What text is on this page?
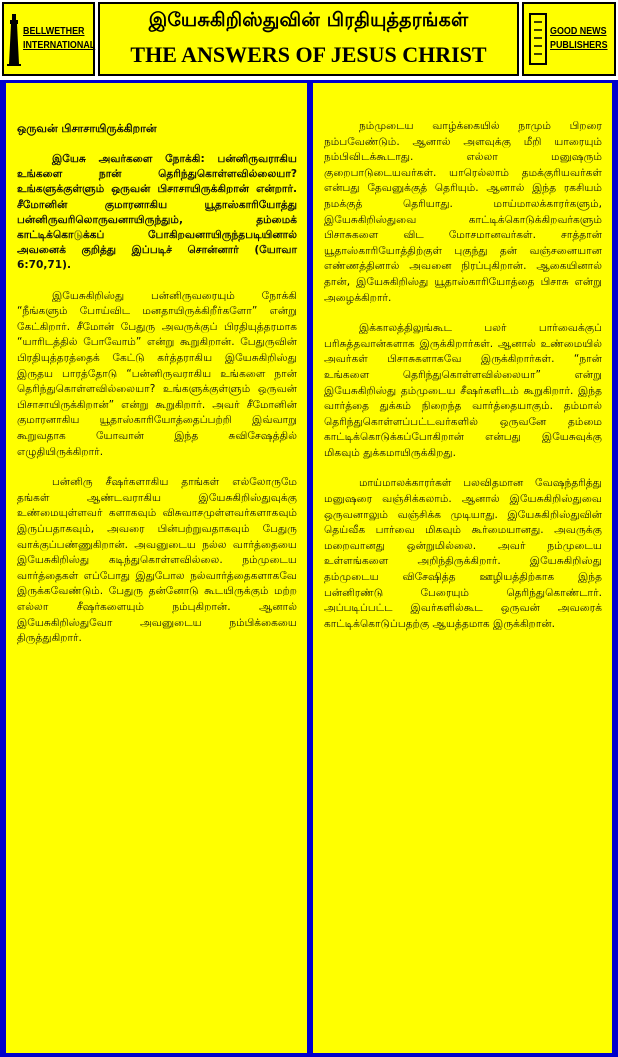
BELLWETHER
INTERNATIONAL
இயேசுகிறிஸ்துவின் பிரதியுத்தரங்கள்
THE ANSWERS OF JESUS CHRIST
GOOD NEWS
PUBLISHERS
ஒருவன் பிசாசாயிருக்கிறான்

இயேசு அவர்களை நோக்கி: பன்னிருவராகிய உங்களை நான் தெரிந்துகொள்ளவில்லையா? உங்களுக்குள்ளும் ஒருவன் பிசாசாயிருக்கிறான் என்றார். சீமோனின் குமாரனாகிய யூதாஸ்காரியோத்து பன்னிருவரிலொருவனாயிருந்தும், தம்மைக் காட்டிக்கொடுக்கப் போகிறவனாயிருந்தபடியினால் அவனைக் குறித்து இப்படிச் சொன்னார் (யோவா 6:70,71).

இயேசுகிறிஸ்து பன்னிருவரையும் நோக்கி “நீங்களும் போய்விட மனதாயிருக்கிறீர்களோ” என்று கேட்கிறார். சீமோன் பேதுரு அவருக்குப் பிரதியுத்தரமாக “யாரிடத்தில் போவோம்” என்று கூறுகிறான். பேதுருவின் பிரதியுத்தரத்தைக் கேட்டு கர்த்தராகிய இயேசுகிறிஸ்து இருதய பாரத்தோடு “பன்னிருவராகிய உங்களை நான் தெரிந்துகொள்ளவில்லையா? உங்களுக்குள்ளும் ஒருவன் பிசாசாயிருக்கிறான்” என்று கூறுகிறார். அவர் சீமோனின் குமாரனாகிய யூதாஸ்காரியோத்தைப்பற்றி இவ்வாறு கூறுவதாக யோவான் இந்த சுவிசேஷத்தில் எழுதியிருக்கிறார்.

பன்னிரு சீஷர்களாகிய தாங்கள் எல்லோருமே தங்கள் ஆண்டவராகிய இயேசுகிறிஸ்துவுக்கு உண்மையுள்ளவர் களாகவும் விசுவாசமுள்ளவர்களாகவும் இருப்பதாகவும், அவரை பின்பற்றுவதாகவும் பேதுரு வாக்குப்பண்ணுகிறான். அவனுடைய நல்ல வார்த்தையை இயேசுகிறிஸ்து கடிந்துகொள்ளவில்லை. நம்முடைய வார்த்தைகள் எப்போது இதுபோல நல்வார்த்தைகளாகவே இருக்கவேண்டும். பேதுரு தன்னோடு கூடயிருக்கும் மற்ற எல்லா சீஷர்களையும் நம்புகிறான். ஆனால் இயேசுகிறிஸ்துவோ அவனுடைய நம்பிக்கையை திருத்துகிறார்.

நம்முடைய வாழ்க்கையில் நாமும் பிறரை நம்பவேண்டும். ஆனால் அளவுக்கு மீறி யாரையும் நம்பிவிடக்கூடாது. எல்லா மனுஷரும் குறைபாடுடையவர்கள். யாரெல்லாம் தமக்குரியவர்கள் என்பது தேவனுக்குத் தெரியும். ஆனால் இந்த ரகசியம் நமக்குத் தெரியாது. மாய்மாலக்காரர்களும், இயேசுகிறிஸ்துவை காட்டிக்கொடுக்கிறவர்களும் பிசாசுகளை விட மோசமானவர்கள். சாத்தான் யூதாஸ்காரியோத்திற்குள் புகுந்து தன் வஞ்சனையான எண்ணத்தினால் அவனை நிரப்புகிறான். ஆகையினால் தான், இயேசுகிறிஸ்து யூதாஸ்காரியோத்தை பிசாசு என்று அழைக்கிறார்.

இக்காலத்திலுங்கூட பலர் பார்வைக்குப் பரிசுத்தவான்களாக இருக்கிறார்கள். ஆனால் உண்மையில் அவர்கள் பிசாசுகளாகவே இருக்கிறார்கள். “நான் உங்களை தெரிந்துகொள்ளவில்லையா” என்று இயேசுகிறிஸ்து தம்முடைய சீஷர்களிடம் கூறுகிறார். இந்த வார்த்தை துக்கம் நிறைந்த வார்த்தையாகும். தம்மால் தெரிந்துகொள்ளப்பட்டவர்களில் ஒருவனே தம்மை காட்டிக்கொடுக்கப்போகிறான் என்பது இயேசுவுக்கு மிகவும் துக்கமாயிருக்கிறது.

மாய்மாலக்காரர்கள் பலவிதமான வேஷந்தரித்து மனுஷரை வஞ்சிக்கலாம். ஆனால் இயேசுகிறிஸ்துவை ஒருவனாலும் வஞ்சிக்க முடியாது. இயேசுகிறிஸ்துவின் தெய்வீக பார்வை மிகவும் கூர்மையானது. அவருக்கு மறைவானது ஒன்றுமில்லை. அவர் நம்முடைய உள்ளங்களை அறிந்திருக்கிறார். இயேசுகிறிஸ்து தம்முடைய விசேஷித்த ஊழியத்திற்காக இந்த பன்னிரண்டு பேரையும் தெரிந்துகொண்டார். அப்படிப்பட்ட இவர்களில்கூட ஒருவன் அவரைக் காட்டிக்கொடுப்பதற்கு ஆயத்தமாக இருக்கிறான்.
